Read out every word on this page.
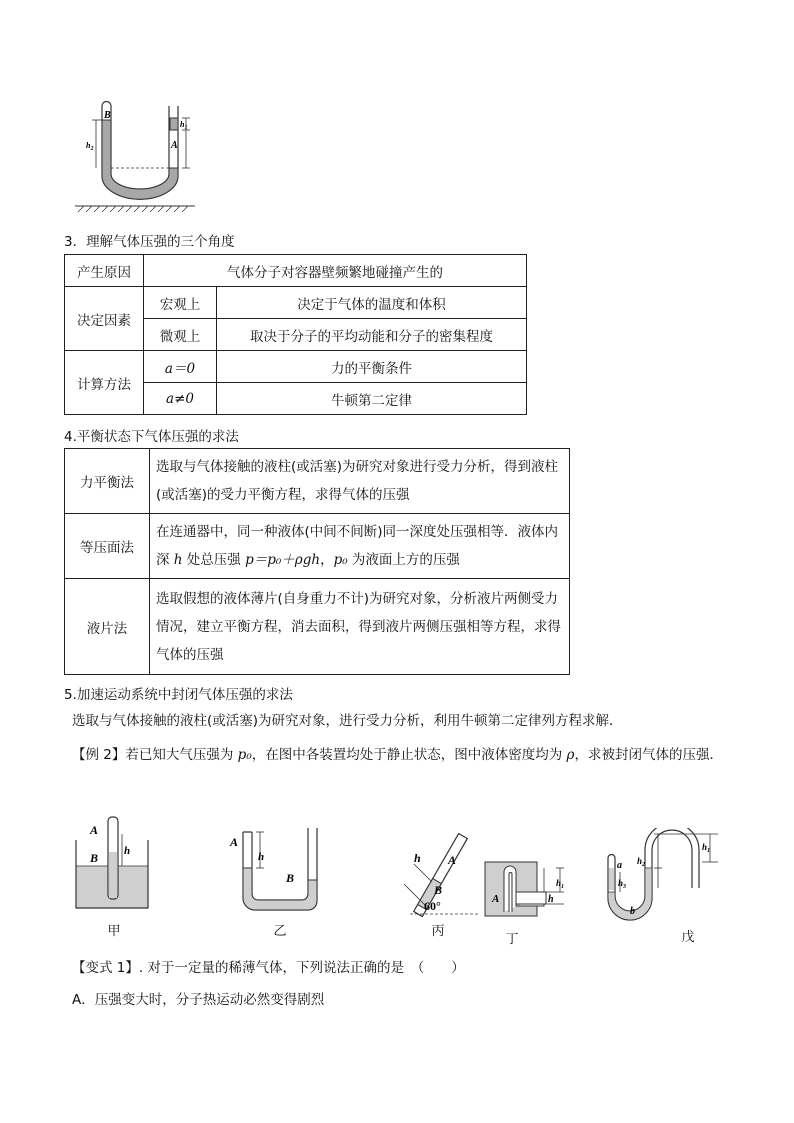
B
A
$h_1$
$h_2$
3．理解气体压强的三个角度
产生原因	气体分子对容器壁频繁地碰撞产生的	
决定因素	宏观上	决定于气体的温度和体积
	微观上	取决于分子的平均动能和分子的密集程度
计算方法	a＝0	力的平衡条件
	a≠0	牛顿第二定律
4.平衡状态下气体压强的求法
力平衡法	选取与气体接触的液柱(或活塞)为研究对象进行受力分析，得到液柱(或活塞)的受力平衡方程，求得气体的压强
等压面法	在连通器中，同一种液体(中间不间断)同一深度处压强相等．液体内深 h 处总压强 p＝p₀＋ρgh，p₀ 为液面上方的压强
液片法	选取假想的液体薄片(自身重力不计)为研究对象，分析液片两侧受力情况，建立平衡方程，消去面积，得到液片两侧压强相等方程，求得气体的压强
5.加速运动系统中封闭气体压强的求法
选取与气体接触的液柱(或活塞)为研究对象，进行受力分析，利用牛顿第二定律列方程求解．
【例 2】若已知大气压强为 p₀，在图中各装置均处于静止状态，图中液体密度均为 ρ，求被封闭气体的压强．
A
B h
甲
A
h
B
乙
h A
B
60°
丙
A	h
$h_1$
丁
a
b
$h_1$
$h_2$
$h_3$
戊
【变式 1】. 对于一定量的稀薄气体，下列说法正确的是　（　　）
A．压强变大时，分子热运动必然变得剧烈
